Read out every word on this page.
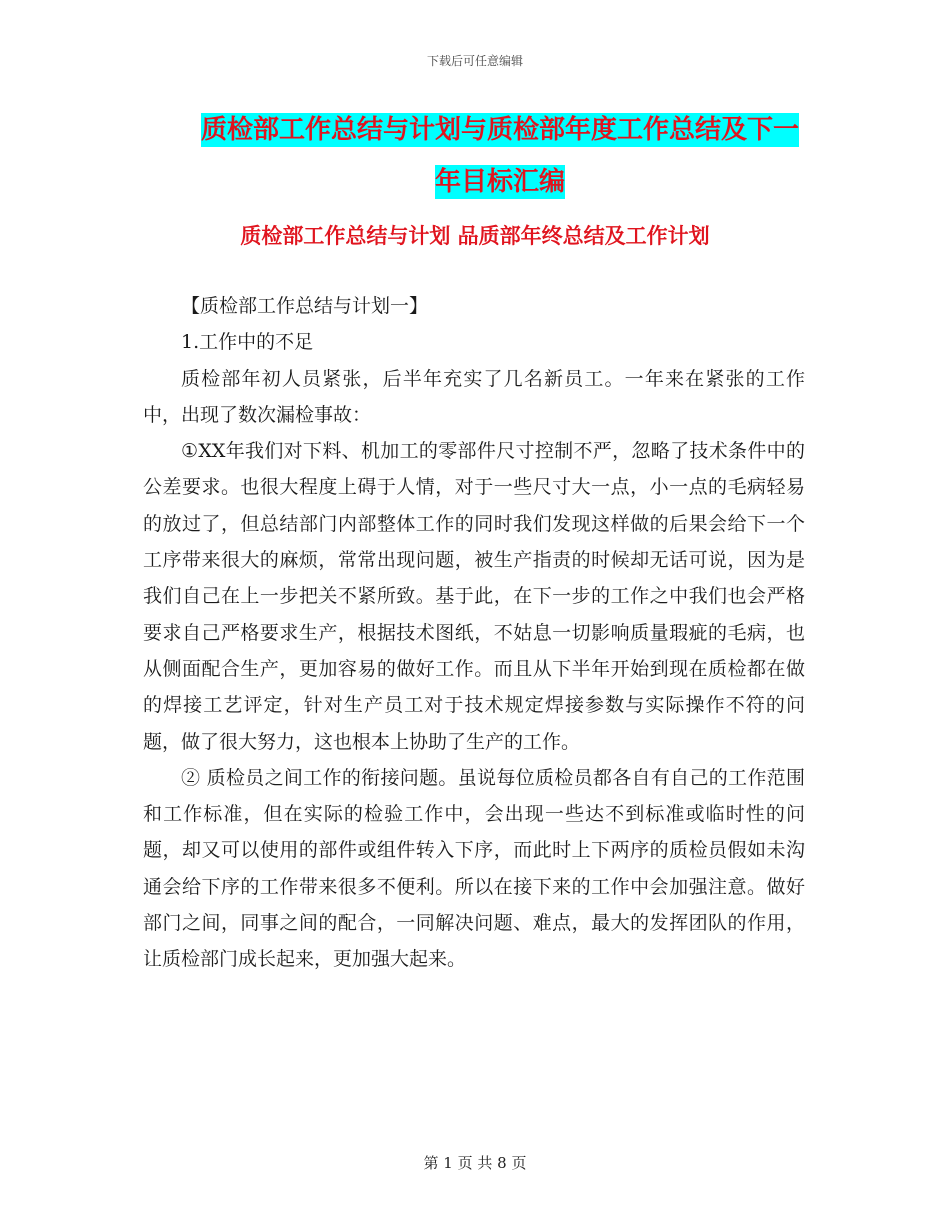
下载后可任意编辑
质检部工作总结与计划与质检部年度工作总结及下一
年目标汇编
质检部工作总结与计划 品质部年终总结及工作计划

【质检部工作总结与计划一】

1.工作中的不足

质检部年初人员紧张，后半年充实了几名新员工。一年来在紧张的工作中，出现了数次漏检事故：

①XX年我们对下料、机加工的零部件尺寸控制不严，忽略了技术条件中的公差要求。也很大程度上碍于人情，对于一些尺寸大一点，小一点的毛病轻易的放过了，但总结部门内部整体工作的同时我们发现这样做的后果会给下一个工序带来很大的麻烦，常常出现问题，被生产指责的时候却无话可说，因为是我们自己在上一步把关不紧所致。基于此，在下一步的工作之中我们也会严格要求自己严格要求生产，根据技术图纸，不姑息一切影响质量瑕疵的毛病，也从侧面配合生产，更加容易的做好工作。而且从下半年开始到现在质检都在做的焊接工艺评定，针对生产员工对于技术规定焊接参数与实际操作不符的问题，做了很大努力，这也根本上协助了生产的工作。

② 质检员之间工作的衔接问题。虽说每位质检员都各自有自己的工作范围和工作标准，但在实际的检验工作中，会出现一些达不到标准或临时性的问题，却又可以使用的部件或组件转入下序，而此时上下两序的质检员假如未沟通会给下序的工作带来很多不便利。所以在接下来的工作中会加强注意。做好部门之间，同事之间的配合，一同解决问题、难点，最大的发挥团队的作用，让质检部门成长起来，更加强大起来。

第 1 页 共 8 页
